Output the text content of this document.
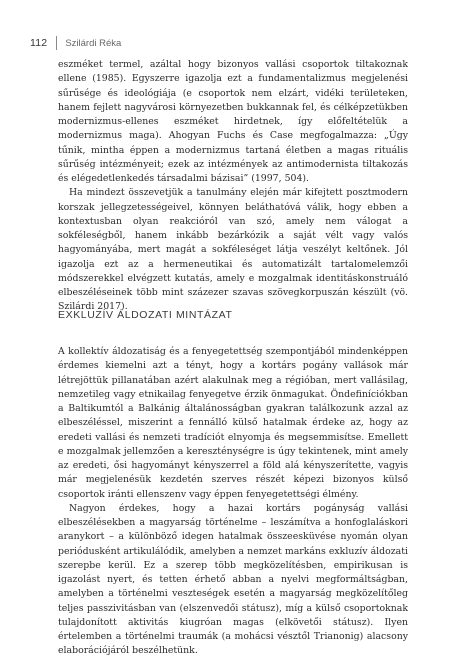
112 Szilárdi Réka

eszméket termel, azáltal hogy bizonyos vallási csoportok tiltakoznak ellene (1985). Egyszerre igazolja ezt a fundamentalizmus megjelenési sűrűsége és ideológiája (e csoportok nem elzárt, vidéki területeken, hanem fejlett nagyvárosi környezetben bukkannak fel, és célképzetükben modernizmus-ellenes eszméket hirdetnek, így előfeltételük a modernizmus maga). Ahogyan Fuchs és Case megfogalmazza: „Úgy tűnik, mintha éppen a modernizmus tartaná életben a magas rituális sűrűség intézményeit; ezek az intézmények az antimodernista tiltakozás és elégedetlenkedés társadalmi bázisai” (1997, 504).

Ha mindezt összevetjük a tanulmány elején már kifejtett posztmodern korszak jellegzetességeivel, könnyen beláthatóvá válik, hogy ebben a kontextusban olyan reakcióról van szó, amely nem válogat a sokféleségből, hanem inkább bezárkózik a saját vélt vagy valós hagyományába, mert magát a sokféleséget látja veszélyt keltőnek. Jól igazolja ezt az a hermeneutikai és automatizált tartalomelemzői módszerekkel elvégzett kutatás, amely e mozgalmak identitáskonstruáló elbeszéléseinek több mint százezer szavas szövegkorpuszán készült (vö. Szilárdi 2017).

EXKLUZÍV ÁLDOZATI MINTÁZAT

A kollektív áldozatiság és a fenyegetettség szempontjából mindenképpen érdemes kiemelni azt a tényt, hogy a kortárs pogány vallások már létrejöttük pillanatában azért alakulnak meg a régióban, mert vallásilag, nemzetileg vagy etnikailag fenyegetve érzik önmagukat. Öndefiníciókban a Baltikumtól a Balkánig általánosságban gyakran találkozunk azzal az elbeszéléssel, miszerint a fennálló külső hatalmak érdeke az, hogy az eredeti vallási és nemzeti tradíciót elnyomja és megsemmisítse. Emellett e mozgalmak jellemzően a kereszténységre is úgy tekintenek, mint amely az eredeti, ősi hagyományt kényszerrel a föld alá kényszerítette, vagyis már megjelenésük kezdetén szerves részét képezi bizonyos külső csoportok iránti ellenszenv vagy éppen fenyegetettségi élmény.

Nagyon érdekes, hogy a hazai kortárs pogányság vallási elbeszélésekben a magyarság történelme – leszámítva a honfoglaláskori aranykort – a különböző idegen hatalmak összeesküvése nyomán olyan periódusként artikulálódik, amelyben a nemzet markáns exkluzív áldozati szerepbe kerül. Ez a szerep több megközelítésben, empirikusan is igazolást nyert, és tetten érhető abban a nyelvi megformáltságban, amelyben a történelmi veszteségek esetén a magyarság megközelítőleg teljes passzivitásban van (elszenvedői státusz), míg a külső csoportoknak tulajdonított aktivitás kiugróan magas (elkövetői státusz). Ilyen értelemben a történelmi traumák (a mohácsi vésztől Trianonig) alacsony elaborációjáról beszélhetünk.
